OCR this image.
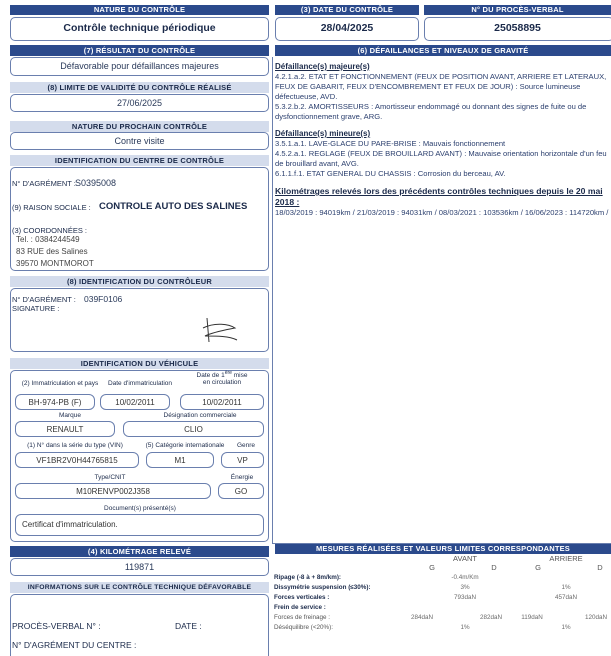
NATURE DU CONTRÔLE
Contrôle technique périodique
(7) RÉSULTAT DU CONTRÔLE
Défavorable pour défaillances majeures
(8) LIMITE DE VALIDITÉ DU CONTRÔLE RÉALISÉ
27/06/2025
NATURE DU PROCHAIN CONTRÔLE
Contre visite
IDENTIFICATION DU CENTRE DE CONTRÔLE
N° D'AGRÉMENT : S0395008
(9) RAISON SOCIALE : CONTROLE AUTO DES SALINES
(3) COORDONNÉES :
Tel. : 0384244549
83 RUE des Salines
39570 MONTMOROT
(8) IDENTIFICATION DU CONTRÔLEUR
N° D'AGRÉMENT : 039F0106
SIGNATURE :
IDENTIFICATION DU VÉHICULE
(2) Immatriculation et pays	Date d'immatriculation
Date de 1ère mise
en circulation
BH-974-PB (F)	10/02/2011	10/02/2011
Marque	Désignation commerciale
RENAULT	CLIO
(1) N° dans la série du type (VIN)	(5) Catégorie internationale	Genre
VF1BR2V0H44765815	M1	VP
Type/CNIT	Énergie
M10RENVP002J358	GO
Document(s) présenté(s)
Certificat d'immatriculation.
(4) KILOMÉTRAGE RELEVÉ
119871
INFORMATIONS SUR LE CONTRÔLE TECHNIQUE DÉFAVORABLE
PROCÈS-VERBAL N° :	DATE :
N° D'AGRÉMENT DU CENTRE :
(3) DATE DU CONTRÔLE
28/04/2025
N° DU PROCÈS-VERBAL
25058895
(6) DÉFAILLANCES ET NIVEAUX DE GRAVITÉ

Défaillance(s) majeure(s)

4.2.1.a.2. ETAT ET FONCTIONNEMENT (FEUX DE POSITION AVANT, ARRIERE ET LATERAUX, FEUX DE GABARIT, FEUX D'ENCOMBREMENT ET FEUX DE JOUR) : Source lumineuse défectueuse, AVD.

5.3.2.b.2. AMORTISSEURS : Amortisseur endommagé ou donnant des signes de fuite ou de dysfonctionnement grave, ARG.

Défaillance(s) mineure(s)

3.5.1.a.1. LAVE-GLACE DU PARE-BRISE : Mauvais fonctionnement

4.5.2.a.1. REGLAGE (FEUX DE BROUILLARD AVANT) : Mauvaise orientation horizontale d'un feu de brouillard avant, AVG.

6.1.1.f.1. ETAT GENERAL DU CHASSIS : Corrosion du berceau, AV.

Kilométrages relevés lors des précédents contrôles techniques depuis le 20 mai 2018 :

18/03/2019 : 94019km / 21/03/2019 : 94031km / 08/03/2021 : 103536km / 16/06/2023 : 114720km /

MESURES RÉALISÉES ET VALEURS LIMITES CORRESPONDANTES
AVANT	ARRIERE
G	D	G	D
Ripage (-8 à + 8m/km):	-0.4m/Km
Dissymétrie suspension (≤30%):	3%	1%
Forces verticales :	793daN	457daN
Frein de service :
Forces de freinage :	284daN	282daN	119daN	120daN
Déséquilibre (<20%):	1%	1%
